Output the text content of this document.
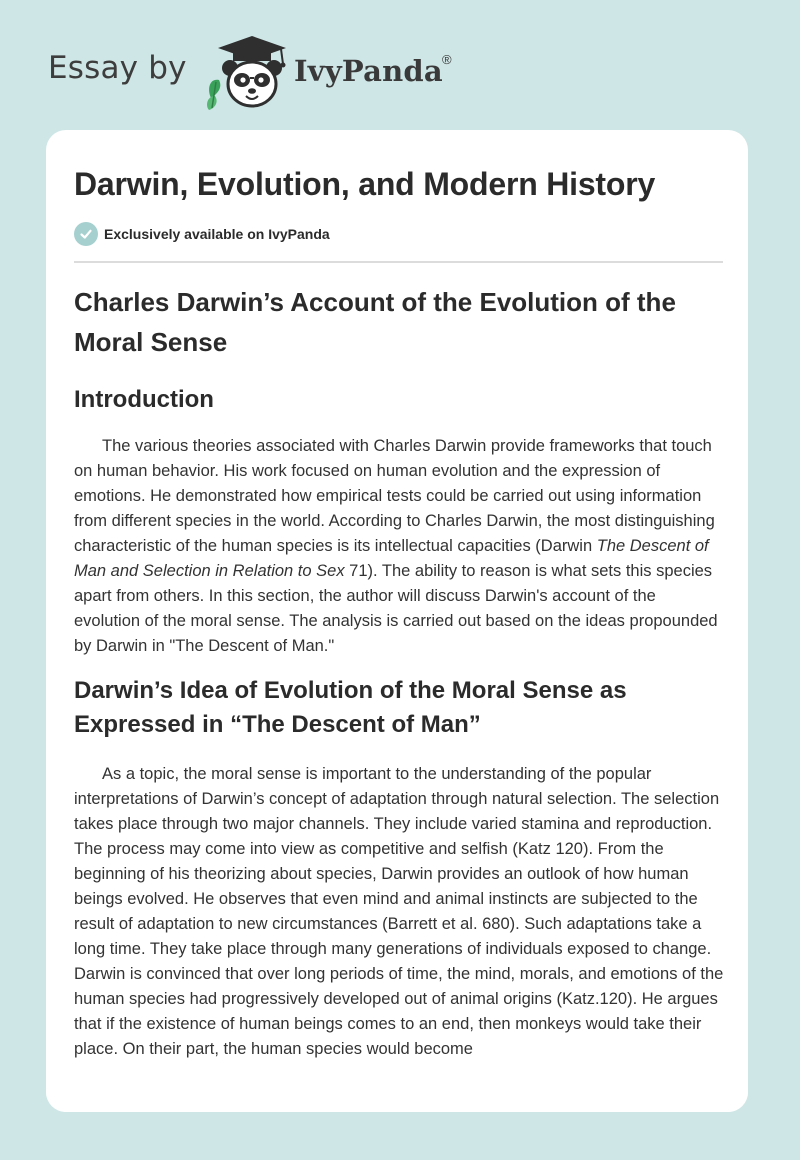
Essay by	IvyPanda ®
Darwin, Evolution, and Modern History
Exclusively available on IvyPanda
Charles Darwin’s Account of the Evolution of the Moral Sense
Introduction

The various theories associated with Charles Darwin provide frameworks that touch on human behavior. His work focused on human evolution and the expression of emotions. He demonstrated how empirical tests could be carried out using information from different species in the world. According to Charles Darwin, the most distinguishing characteristic of the human species is its intellectual capacities (Darwin The Descent of Man and Selection in Relation to Sex 71). The ability to reason is what sets this species apart from others. In this section, the author will discuss Darwin's account of the evolution of the moral sense. The analysis is carried out based on the ideas propounded by Darwin in "The Descent of Man."

Darwin’s Idea of Evolution of the Moral Sense as Expressed in “The Descent of Man”

As a topic, the moral sense is important to the understanding of the popular interpretations of Darwin’s concept of adaptation through natural selection. The selection takes place through two major channels. They include varied stamina and reproduction. The process may come into view as competitive and selfish (Katz 120). From the beginning of his theorizing about species, Darwin provides an outlook of how human beings evolved. He observes that even mind and animal instincts are subjected to the result of adaptation to new circumstances (Barrett et al. 680). Such adaptations take a long time. They take place through many generations of individuals exposed to change. Darwin is convinced that over long periods of time, the mind, morals, and emotions of the human species had progressively developed out of animal origins (Katz.120). He argues that if the existence of human beings comes to an end, then monkeys would take their place. On their part, the human species would become
